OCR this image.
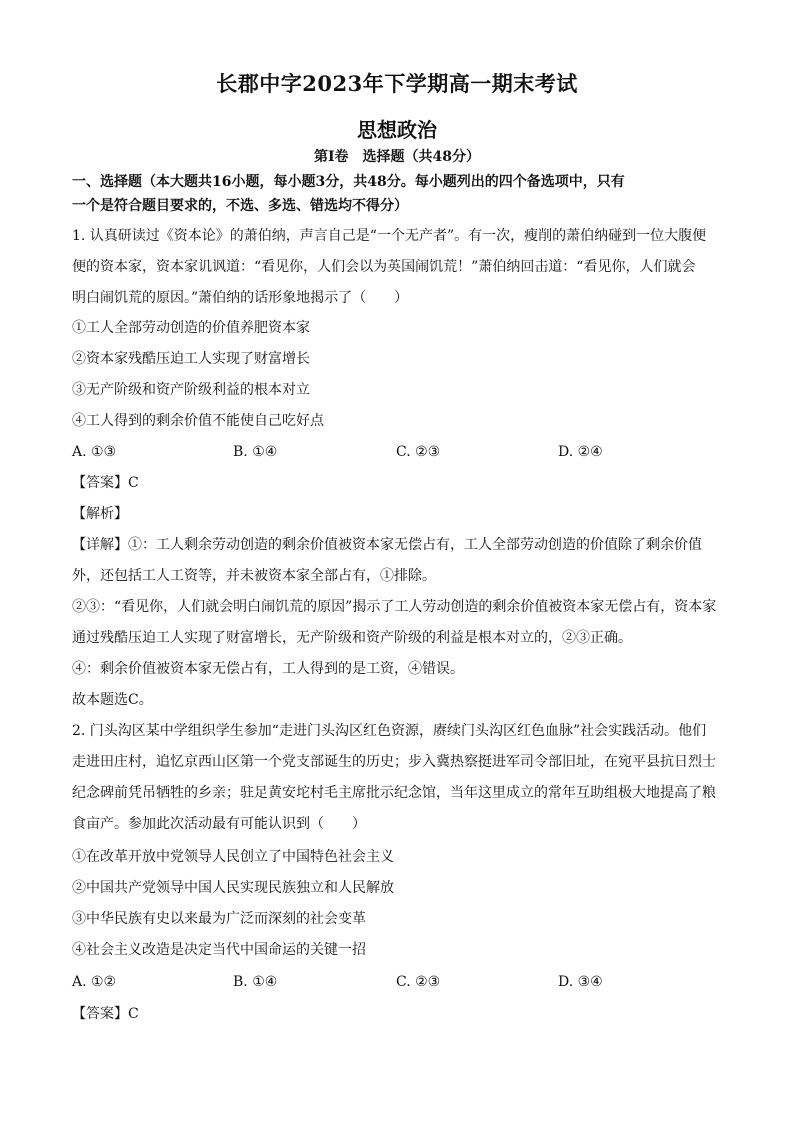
长郡中字2023年下学期高一期末考试
思想政治
第Ⅰ卷　选择题（共48分）
一、选择题（本大题共16小题，每小题3分，共48分。每小题列出的四个备选项中，只有
一个是符合题目要求的，不选、多选、错选均不得分）
1. 认真研读过《资本论》的萧伯纳，声言自己是“一个无产者”。有一次，瘦削的萧伯纳碰到一位大腹便
便的资本家，资本家讥讽道：“看见你，人们会以为英国闹饥荒！”萧伯纳回击道：“看见你，人们就会
明白闹饥荒的原因。”萧伯纳的话形象地揭示了（　　）
①工人全部劳动创造的价值养肥资本家
②资本家残酷压迫工人实现了财富增长
③无产阶级和资产阶级利益的根本对立
④工人得到的剩余价值不能使自己吃好点
A. ①③	B. ①④	C. ②③	D. ②④
【答案】C
【解析】
【详解】①：工人剩余劳动创造的剩余价值被资本家无偿占有，工人全部劳动创造的价值除了剩余价值
外，还包括工人工资等，并未被资本家全部占有，①排除。
②③：“看见你，人们就会明白闹饥荒的原因”揭示了工人劳动创造的剩余价值被资本家无偿占有，资本家
通过残酷压迫工人实现了财富增长，无产阶级和资产阶级的利益是根本对立的，②③正确。
④：剩余价值被资本家无偿占有，工人得到的是工资，④错误。
故本题选C。
2. 门头沟区某中学组织学生参加“走进门头沟区红色资源，赓续门头沟区红色血脉”社会实践活动。他们
走进田庄村，追忆京西山区第一个党支部诞生的历史；步入冀热察挺进军司令部旧址，在宛平县抗日烈士
纪念碑前凭吊牺牲的乡亲；驻足黄安坨村毛主席批示纪念馆，当年这里成立的常年互助组极大地提高了粮
食亩产。参加此次活动最有可能认识到（　　）
①在改革开放中党领导人民创立了中国特色社会主义
②中国共产党领导中国人民实现民族独立和人民解放
③中华民族有史以来最为广泛而深刻的社会变革
④社会主义改造是决定当代中国命运的关键一招
A. ①②	B. ①④	C. ②③	D. ③④
【答案】C
